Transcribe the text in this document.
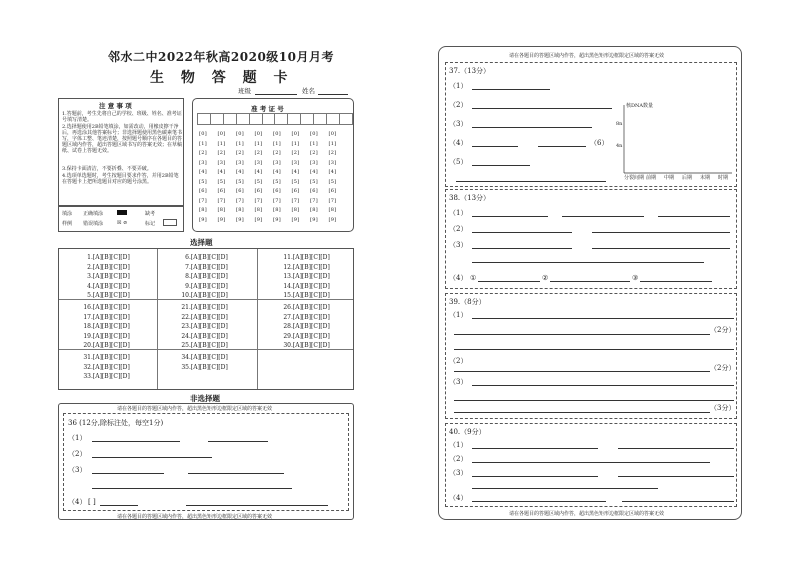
邻水二中2022年秋高2020级10月月考
生 物 答 题 卡
班级	姓名
注 意 事 项
1.答题前，考生先将自己的学校、班级、姓名、准考证号填写清楚。
2.选择题使用2B铅笔填涂，如需改动，用橡皮擦干净后，再选涂其他答案标号；非选择题使用黑色碳素笔书写，字体工整、笔迹清楚，按照题号顺序在各题目的答题区域内作答，超出答题区域书写的答案无效；在草稿纸、试卷上答题无效。
3.保持卡面清洁，不要折叠、不要弄破。
4.选项单选题时，考生按题目要求作答，并用2B铅笔在答题卡上把所选题目对应的题号涂黑。
填涂
样例
正确填涂
错误填涂	☒ ⊘
缺考
标记
准 考 证 号

[0] [0] [0] [0] [0] [0] [0] [0]
[1] [1] [1] [1] [1] [1] [1] [1]
[2] [2] [2] [2] [2] [2] [2] [2]
[3] [3] [3] [3] [3] [3] [3] [3]
[4] [4] [4] [4] [4] [4] [4] [4]
[5] [5] [5] [5] [5] [5] [5] [5]
[6] [6] [6] [6] [6] [6] [6] [6]
[7] [7] [7] [7] [7] [7] [7] [7]
[8] [8] [8] [8] [8] [8] [8] [8]
[9] [9] [9] [9] [9] [9] [9] [9]
选择题
1.[A][B][C][D]
2.[A][B][C][D]
3.[A][B][C][D]
4.[A][B][C][D]
5.[A][B][C][D]
6.[A][B][C][D]
7.[A][B][C][D]
8.[A][B][C][D]
9.[A][B][C][D]
10.[A][B][C][D]
11.[A][B][C][D]
12.[A][B][C][D]
13.[A][B][C][D]
14.[A][B][C][D]
15.[A][B][C][D]
16.[A][B][C][D]
17.[A][B][C][D]
18.[A][B][C][D]
19.[A][B][C][D]
20.[A][B][C][D]
21.[A][B][C][D]
22.[A][B][C][D]
23.[A][B][C][D]
24.[A][B][C][D]
25.[A][B][C][D]
26.[A][B][C][D]
27.[A][B][C][D]
28.[A][B][C][D]
29.[A][B][C][D]
30.[A][B][C][D]
31.[A][B][C][D]
32.[A][B][C][D]
33.[A][B][C][D]
34.[A][B][C][D]
35.[A][B][C][D]
非选择题
请在各题目的答题区域内作答，超出黑色矩形边框限定区域的答案无效
36 (12分,除标注处，每空1分)
（1）
（2）
（3）
（4） [ ]
请在各题目的答题区域内作答，超出黑色矩形边框限定区域的答案无效
请在各题目的答题区域内作答，超出黑色矩形边框限定区域的答案无效
37.（13分）
（1）
（2）
（3）
（4）	（6）
（5）
核DNA数量
8n
4n
分裂间期 前期 中期 后期 末期 时期
38.（13分）
（1）
（2）
（3）
（4） ①	②	③
39.（8分）
（1）
（2分）
（2）
（2分）
（3）
（3分）
40.（9分）
（1）
（2）
（3）
（4）
请在各题目的答题区域内作答，超出黑色矩形边框限定区域的答案无效
